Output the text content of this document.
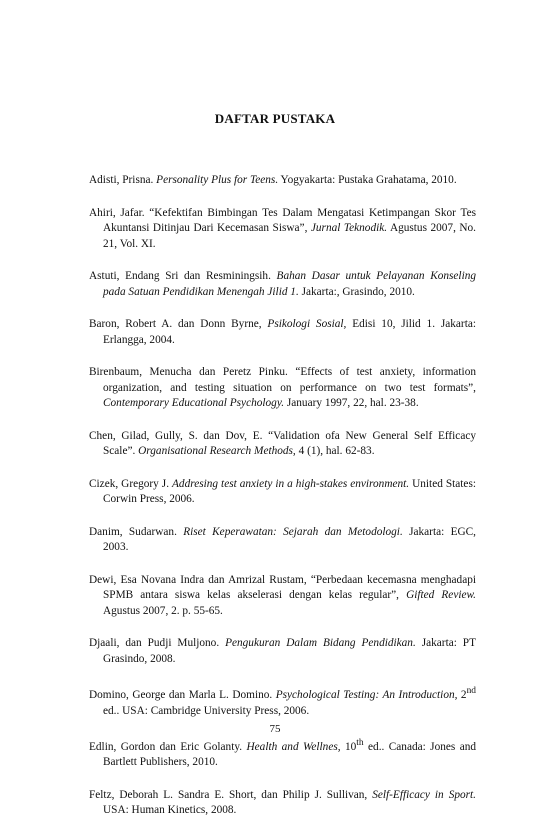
DAFTAR PUSTAKA

Adisti, Prisna. Personality Plus for Teens. Yogyakarta: Pustaka Grahatama, 2010.

Ahiri, Jafar. “Kefektifan Bimbingan Tes Dalam Mengatasi Ketimpangan Skor Tes Akuntansi Ditinjau Dari Kecemasan Siswa”, Jurnal Teknodik. Agustus 2007, No. 21, Vol. XI.

Astuti, Endang Sri dan Resminingsih. Bahan Dasar untuk Pelayanan Konseling pada Satuan Pendidikan Menengah Jilid 1. Jakarta:, Grasindo, 2010.

Baron, Robert A. dan Donn Byrne, Psikologi Sosial, Edisi 10, Jilid 1. Jakarta: Erlangga, 2004.

Birenbaum, Menucha dan Peretz Pinku. “Effects of test anxiety, information organization, and testing situation on performance on two test formats”, Contemporary Educational Psychology. January 1997, 22, hal. 23-38.

Chen, Gilad, Gully, S. dan Dov, E. “Validation ofa New General Self Efficacy Scale”. Organisational Research Methods, 4 (1), hal. 62-83.

Cizek, Gregory J. Addresing test anxiety in a high-stakes environment. United States: Corwin Press, 2006.

Danim, Sudarwan. Riset Keperawatan: Sejarah dan Metodologi. Jakarta: EGC, 2003.

Dewi, Esa Novana Indra dan Amrizal Rustam, “Perbedaan kecemasna menghadapi SPMB antara siswa kelas akselerasi dengan kelas regular”, Gifted Review. Agustus 2007, 2. p. 55-65.

Djaali, dan Pudji Muljono. Pengukuran Dalam Bidang Pendidikan. Jakarta: PT Grasindo, 2008.

Domino, George dan Marla L. Domino. Psychological Testing: An Introduction, 2nd ed.. USA: Cambridge University Press, 2006.

Edlin, Gordon dan Eric Golanty. Health and Wellnes, 10th ed.. Canada: Jones and Bartlett Publishers, 2010.

Feltz, Deborah L. Sandra E. Short, dan Philip J. Sullivan, Self-Efficacy in Sport. USA: Human Kinetics, 2008.

75
